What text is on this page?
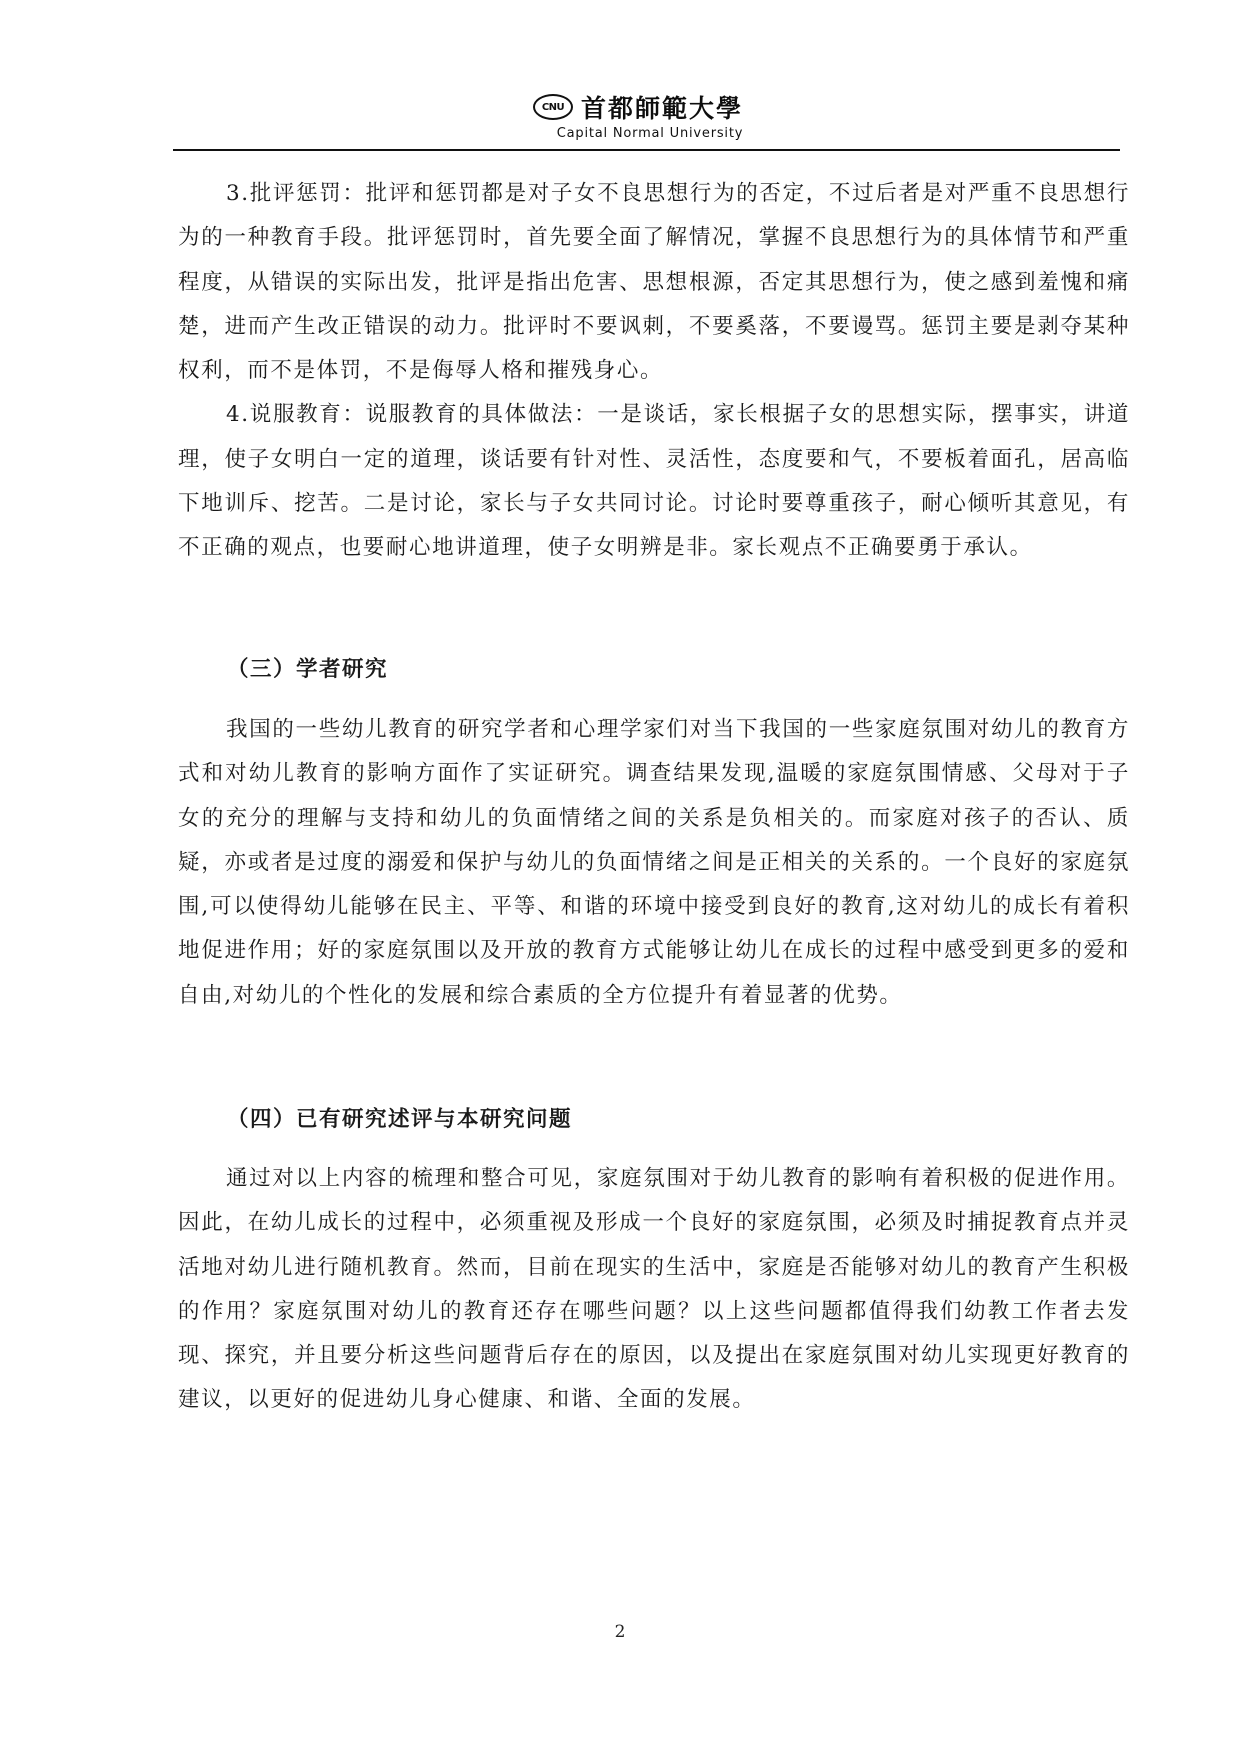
CNU 首都師範大學
Capital Normal University

3.批评惩罚：批评和惩罚都是对子女不良思想行为的否定，不过后者是对严重不良思想行为的一种教育手段。批评惩罚时，首先要全面了解情况，掌握不良思想行为的具体情节和严重程度，从错误的实际出发，批评是指出危害、思想根源，否定其思想行为，使之感到羞愧和痛楚，进而产生改正错误的动力。批评时不要讽刺，不要奚落，不要谩骂。惩罚主要是剥夺某种权利，而不是体罚，不是侮辱人格和摧残身心。

4.说服教育：说服教育的具体做法：一是谈话，家长根据子女的思想实际，摆事实，讲道理，使子女明白一定的道理，谈话要有针对性、灵活性，态度要和气，不要板着面孔，居高临下地训斥、挖苦。二是讨论，家长与子女共同讨论。讨论时要尊重孩子，耐心倾听其意见，有不正确的观点，也要耐心地讲道理，使子女明辨是非。家长观点不正确要勇于承认。

（三）学者研究

我国的一些幼儿教育的研究学者和心理学家们对当下我国的一些家庭氛围对幼儿的教育方式和对幼儿教育的影响方面作了实证研究。调查结果发现,温暖的家庭氛围情感、父母对于子女的充分的理解与支持和幼儿的负面情绪之间的关系是负相关的。而家庭对孩子的否认、质疑，亦或者是过度的溺爱和保护与幼儿的负面情绪之间是正相关的关系的。一个良好的家庭氛围,可以使得幼儿能够在民主、平等、和谐的环境中接受到良好的教育,这对幼儿的成长有着积地促进作用；好的家庭氛围以及开放的教育方式能够让幼儿在成长的过程中感受到更多的爱和自由,对幼儿的个性化的发展和综合素质的全方位提升有着显著的优势。

（四）已有研究述评与本研究问题

通过对以上内容的梳理和整合可见，家庭氛围对于幼儿教育的影响有着积极的促进作用。因此，在幼儿成长的过程中，必须重视及形成一个良好的家庭氛围，必须及时捕捉教育点并灵活地对幼儿进行随机教育。然而，目前在现实的生活中，家庭是否能够对幼儿的教育产生积极的作用？家庭氛围对幼儿的教育还存在哪些问题？以上这些问题都值得我们幼教工作者去发现、探究，并且要分析这些问题背后存在的原因，以及提出在家庭氛围对幼儿实现更好教育的建议，以更好的促进幼儿身心健康、和谐、全面的发展。

2
